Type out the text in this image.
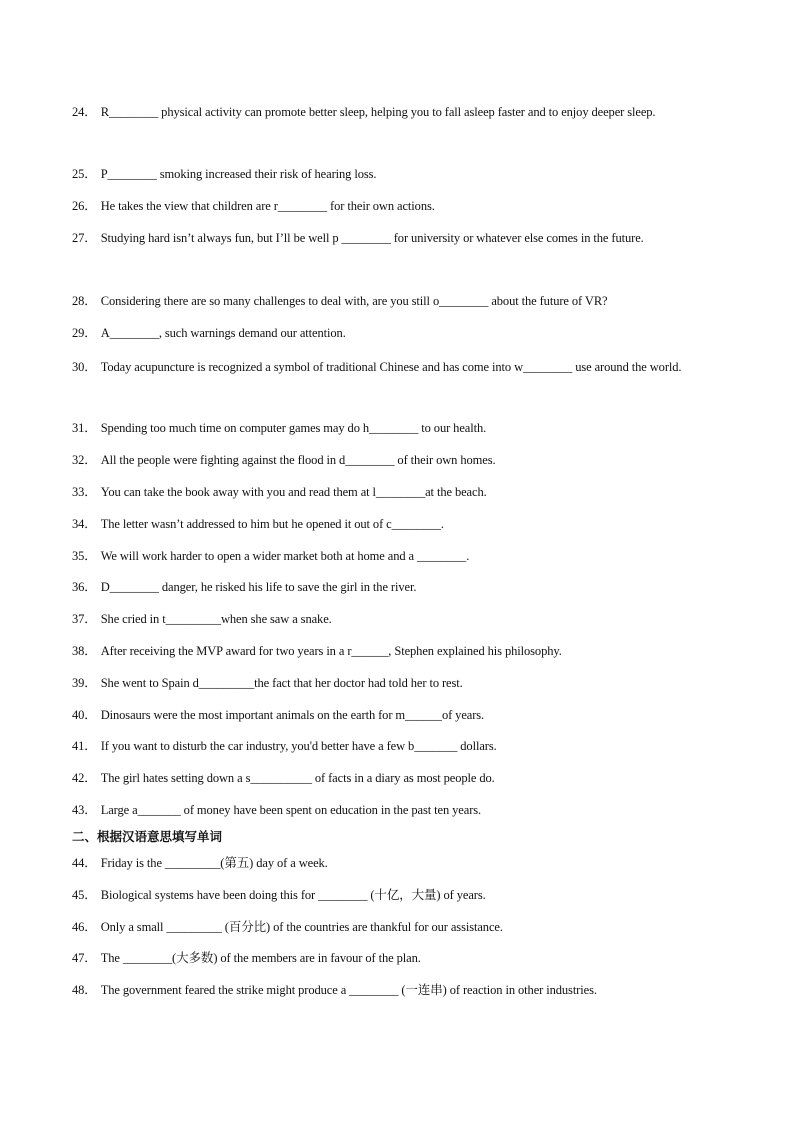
24． R________ physical activity can promote better sleep, helping you to fall asleep faster and to enjoy deeper sleep.
25． P________ smoking increased their risk of hearing loss.
26． He takes the view that children are r________ for their own actions.
27． Studying hard isn’t always fun, but I’ll be well p ________ for university or whatever else comes in the future.
28． Considering there are so many challenges to deal with, are you still o________ about the future of VR?
29． A________, such warnings demand our attention.
30． Today acupuncture is recognized a symbol of traditional Chinese and has come into w________ use around the world.
31． Spending too much time on computer games may do h________ to our health.
32． All the people were fighting against the flood in d________ of their own homes.
33． You can take the book away with you and read them at l________at the beach.
34． The letter wasn’t addressed to him but he opened it out of c________.
35． We will work harder to open a wider market both at home and a ________.
36． D________ danger, he risked his life to save the girl in the river.
37． She cried in t_________when she saw a snake.
38． After receiving the MVP award for two years in a r______, Stephen explained his philosophy.
39． She went to Spain d_________the fact that her doctor had told her to rest.
40． Dinosaurs were the most important animals on the earth for m______of years.
41． If you want to disturb the car industry, you'd better have a few b_______ dollars.
42． The girl hates setting down a s__________ of facts in a diary as most people do.
43． Large a_______ of money have been spent on education in the past ten years.
二、根据汉语意思填写单词
44． Friday is the _________(第五) day of a week.
45． Biological systems have been doing this for ________ (十亿，大量) of years.
46． Only a small _________ (百分比) of the countries are thankful for our assistance.
47． The ________(大多数) of the members are in favour of the plan.
48． The government feared the strike might produce a ________ (一连串) of reaction in other industries.
